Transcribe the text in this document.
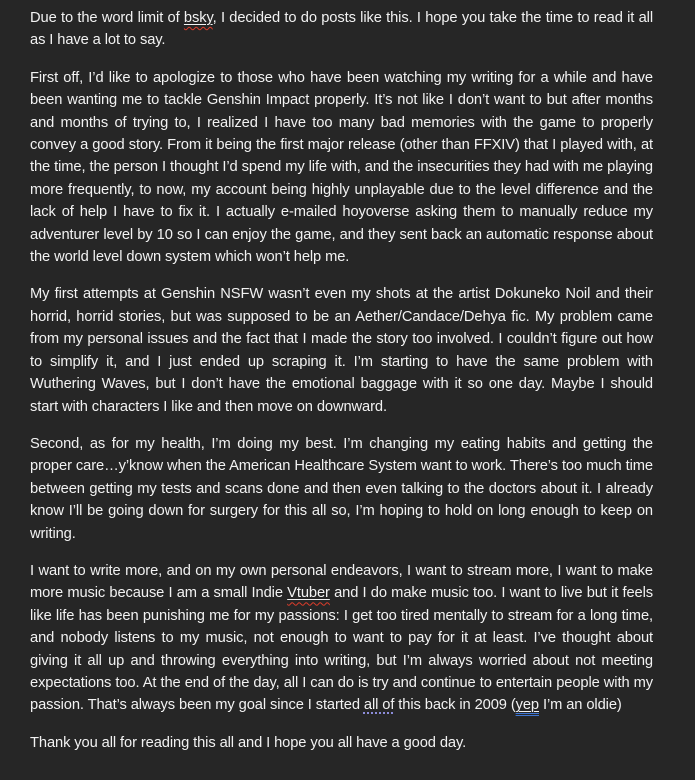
Due to the word limit of bsky, I decided to do posts like this. I hope you take the time to read it all as I have a lot to say.

First off, I’d like to apologize to those who have been watching my writing for a while and have been wanting me to tackle Genshin Impact properly. It’s not like I don’t want to but after months and months of trying to, I realized I have too many bad memories with the game to properly convey a good story. From it being the first major release (other than FFXIV) that I played with, at the time, the person I thought I’d spend my life with, and the insecurities they had with me playing more frequently, to now, my account being highly unplayable due to the level difference and the lack of help I have to fix it. I actually e-mailed hoyoverse asking them to manually reduce my adventurer level by 10 so I can enjoy the game, and they sent back an automatic response about the world level down system which won’t help me.

My first attempts at Genshin NSFW wasn’t even my shots at the artist Dokuneko Noil and their horrid, horrid stories, but was supposed to be an Aether/Candace/Dehya fic. My problem came from my personal issues and the fact that I made the story too involved. I couldn’t figure out how to simplify it, and I just ended up scraping it. I’m starting to have the same problem with Wuthering Waves, but I don’t have the emotional baggage with it so one day. Maybe I should start with characters I like and then move on downward.

Second, as for my health, I’m doing my best. I’m changing my eating habits and getting the proper care…y’know when the American Healthcare System want to work. There’s too much time between getting my tests and scans done and then even talking to the doctors about it. I already know I’ll be going down for surgery for this all so, I’m hoping to hold on long enough to keep on writing.

I want to write more, and on my own personal endeavors, I want to stream more, I want to make more music because I am a small Indie Vtuber and I do make music too. I want to live but it feels like life has been punishing me for my passions: I get too tired mentally to stream for a long time, and nobody listens to my music, not enough to want to pay for it at least. I’ve thought about giving it all up and throwing everything into writing, but I’m always worried about not meeting expectations too. At the end of the day, all I can do is try and continue to entertain people with my passion. That’s always been my goal since I started all of this back in 2009 (yep I’m an oldie)

Thank you all for reading this all and I hope you all have a good day.
